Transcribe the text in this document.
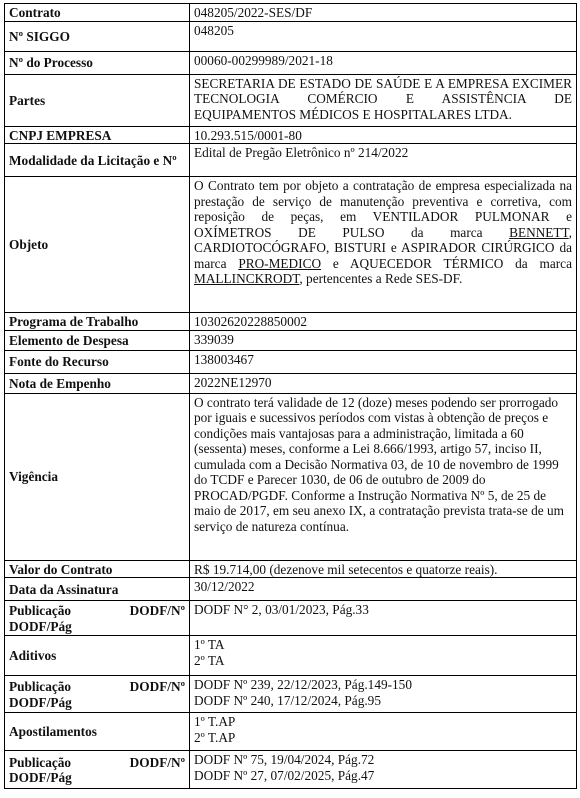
Contrato	048205/2022-SES/DF
Nº SIGGO	048205
Nº do Processo	00060-00299989/2021-18
Partes	SECRETARIA DE ESTADO DE SAÚDE E A EMPRESA EXCIMER TECNOLOGIA COMÉRCIO E ASSISTÊNCIA DE EQUIPAMENTOS MÉDICOS E HOSPITALARES LTDA.
CNPJ EMPRESA	10.293.515/0001-80
Modalidade da Licitação e Nº	Edital de Pregão Eletrônico nº 214/2022
Objeto	O Contrato tem por objeto a contratação de empresa especializada na prestação de serviço de manutenção preventiva e corretiva, com reposição de peças, em VENTILADOR PULMONAR e OXÍMETROS DE PULSO da marca BENNETT, CARDIOTOCÓGRAFO, BISTURI e ASPIRADOR CIRÚRGICO da marca PRO-MEDICO e AQUECEDOR TÉRMICO da marca MALLINCKRODT, pertencentes a Rede SES-DF.
Programa de Trabalho	10302620228850002
Elemento de Despesa	339039
Fonte do Recurso	138003467
Nota de Empenho	2022NE12970
Vigência	O contrato terá validade de 12 (doze) meses podendo ser prorrogado por iguais e sucessivos períodos com vistas à obtenção de preços e condições mais vantajosas para a administração, limitada a 60 (sessenta) meses, conforme a Lei 8.666/1993, artigo 57, inciso II, cumulada com a Decisão Normativa 03, de 10 de novembro de 1999 do TCDF e Parecer 1030, de 06 de outubro de 2009 do PROCAD/PGDF. Conforme a Instrução Normativa Nº 5, de 25 de maio de 2017, em seu anexo IX, a contratação prevista trata-se de um serviço de natureza contínua.
Valor do Contrato	R$ 19.714,00 (dezenove mil setecentos e quatorze reais).
Data da Assinatura	30/12/2022

Publicação DODF/Nº
DODF/Pág	DODF N° 2, 03/01/2023, Pág.33
Aditivos	1º TA
2º TA

Publicação DODF/Nº
DODF/Pág	DODF Nº 239, 22/12/2023, Pág.149-150
DODF Nº 240, 17/12/2024, Pág.95

Apostilamentos	1º T.AP
2º T.AP

Publicação DODF/Nº
DODF/Pág	DODF Nº 75, 19/04/2024, Pág.72
DODF Nº 27, 07/02/2025, Pág.47
